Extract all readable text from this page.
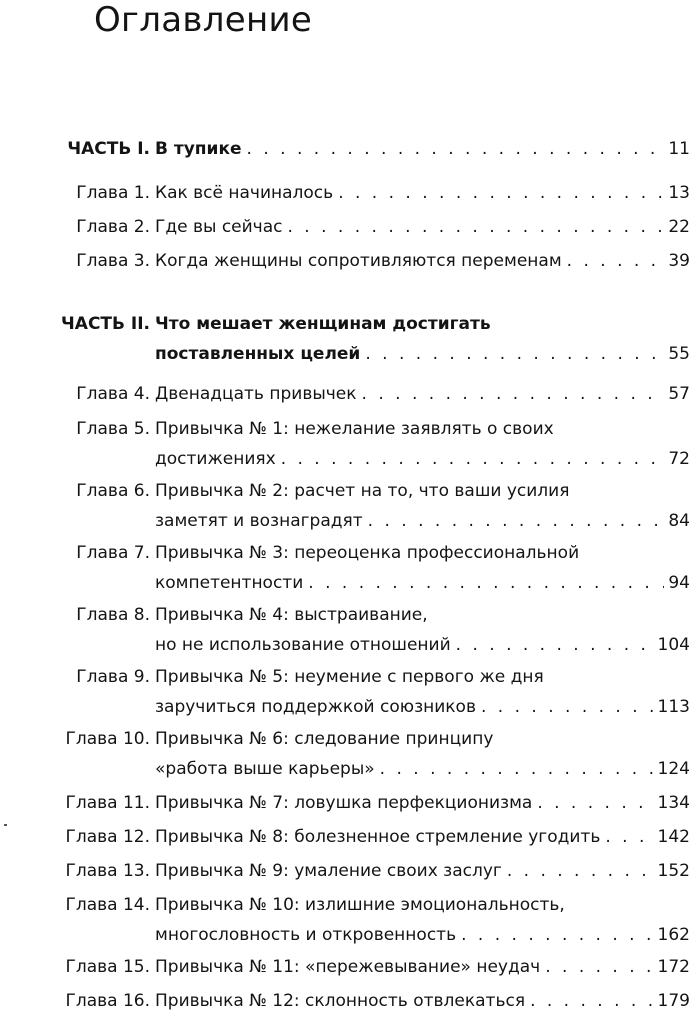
Оглавление
ЧАСТЬ I. В тупике . . .	11
Глава 1. Как всё начиналось . . .	13
Глава 2. Где вы сейчас . . .	22
Глава 3. Когда женщины сопротивляются переменам . . .	39
ЧАСТЬ II. Что мешает женщинам достигать
поставленных целей . . .	55
Глава 4. Двенадцать привычек . . .	57
Глава 5. Привычка № 1: нежелание заявлять о своих
достижениях . . .	72
Глава 6. Привычка № 2: расчет на то, что ваши усилия
заметят и вознаградят . . .	84
Глава 7. Привычка № 3: переоценка профессиональной
компетентности . . .	94
Глава 8. Привычка № 4: выстраивание,
но не использование отношений . . .	104
Глава 9. Привычка № 5: неумение с первого же дня
заручиться поддержкой союзников . . .	113
Глава 10. Привычка № 6: следование принципу
«работа выше карьеры» . . .	124
Глава 11. Привычка № 7: ловушка перфекционизма . . .	134
Глава 12. Привычка № 8: болезненное стремление угодить . . .	142
Глава 13. Привычка № 9: умаление своих заслуг . . .	152
Глава 14. Привычка № 10: излишние эмоциональность,
многословность и откровенность . . .	162
Глава 15. Привычка № 11: «пережевывание» неудач . . .	172
Глава 16. Привычка № 12: склонность отвлекаться . . .	179
